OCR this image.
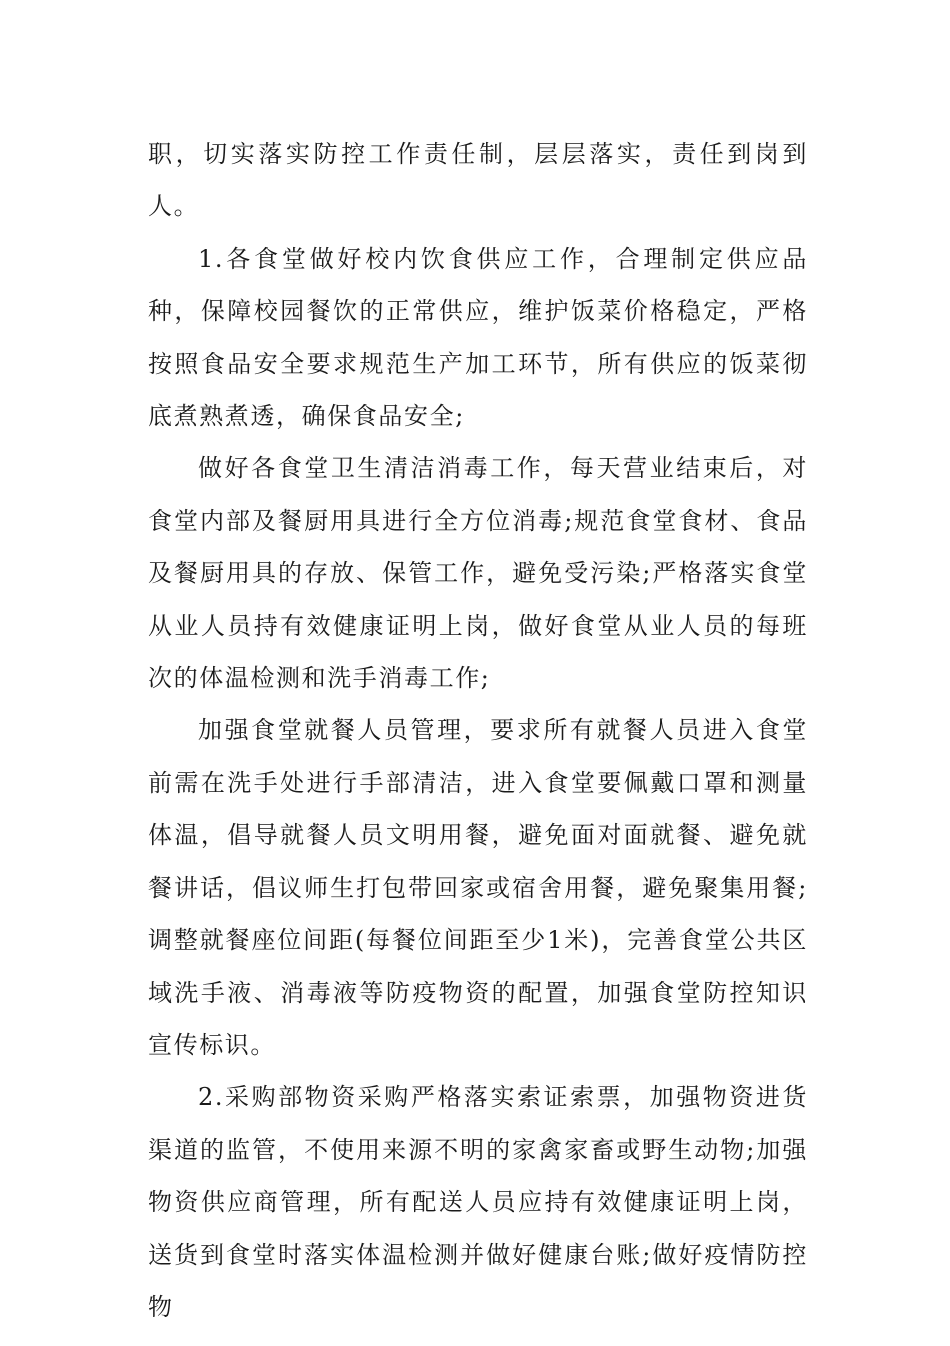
职，切实落实防控工作责任制，层层落实，责任到岗到人。

1.各食堂做好校内饮食供应工作，合理制定供应品种，保障校园餐饮的正常供应，维护饭菜价格稳定，严格按照食品安全要求规范生产加工环节，所有供应的饭菜彻底煮熟煮透，确保食品安全;

做好各食堂卫生清洁消毒工作，每天营业结束后，对食堂内部及餐厨用具进行全方位消毒;规范食堂食材、食品及餐厨用具的存放、保管工作，避免受污染;严格落实食堂从业人员持有效健康证明上岗，做好食堂从业人员的每班次的体温检测和洗手消毒工作;

加强食堂就餐人员管理，要求所有就餐人员进入食堂前需在洗手处进行手部清洁，进入食堂要佩戴口罩和测量体温，倡导就餐人员文明用餐，避免面对面就餐、避免就餐讲话，倡议师生打包带回家或宿舍用餐，避免聚集用餐;调整就餐座位间距(每餐位间距至少1米)，完善食堂公共区域洗手液、消毒液等防疫物资的配置，加强食堂防控知识宣传标识。

2.采购部物资采购严格落实索证索票，加强物资进货渠道的监管，不使用来源不明的家禽家畜或野生动物;加强物资供应商管理，所有配送人员应持有效健康证明上岗，送货到食堂时落实体温检测并做好健康台账;做好疫情防控物
